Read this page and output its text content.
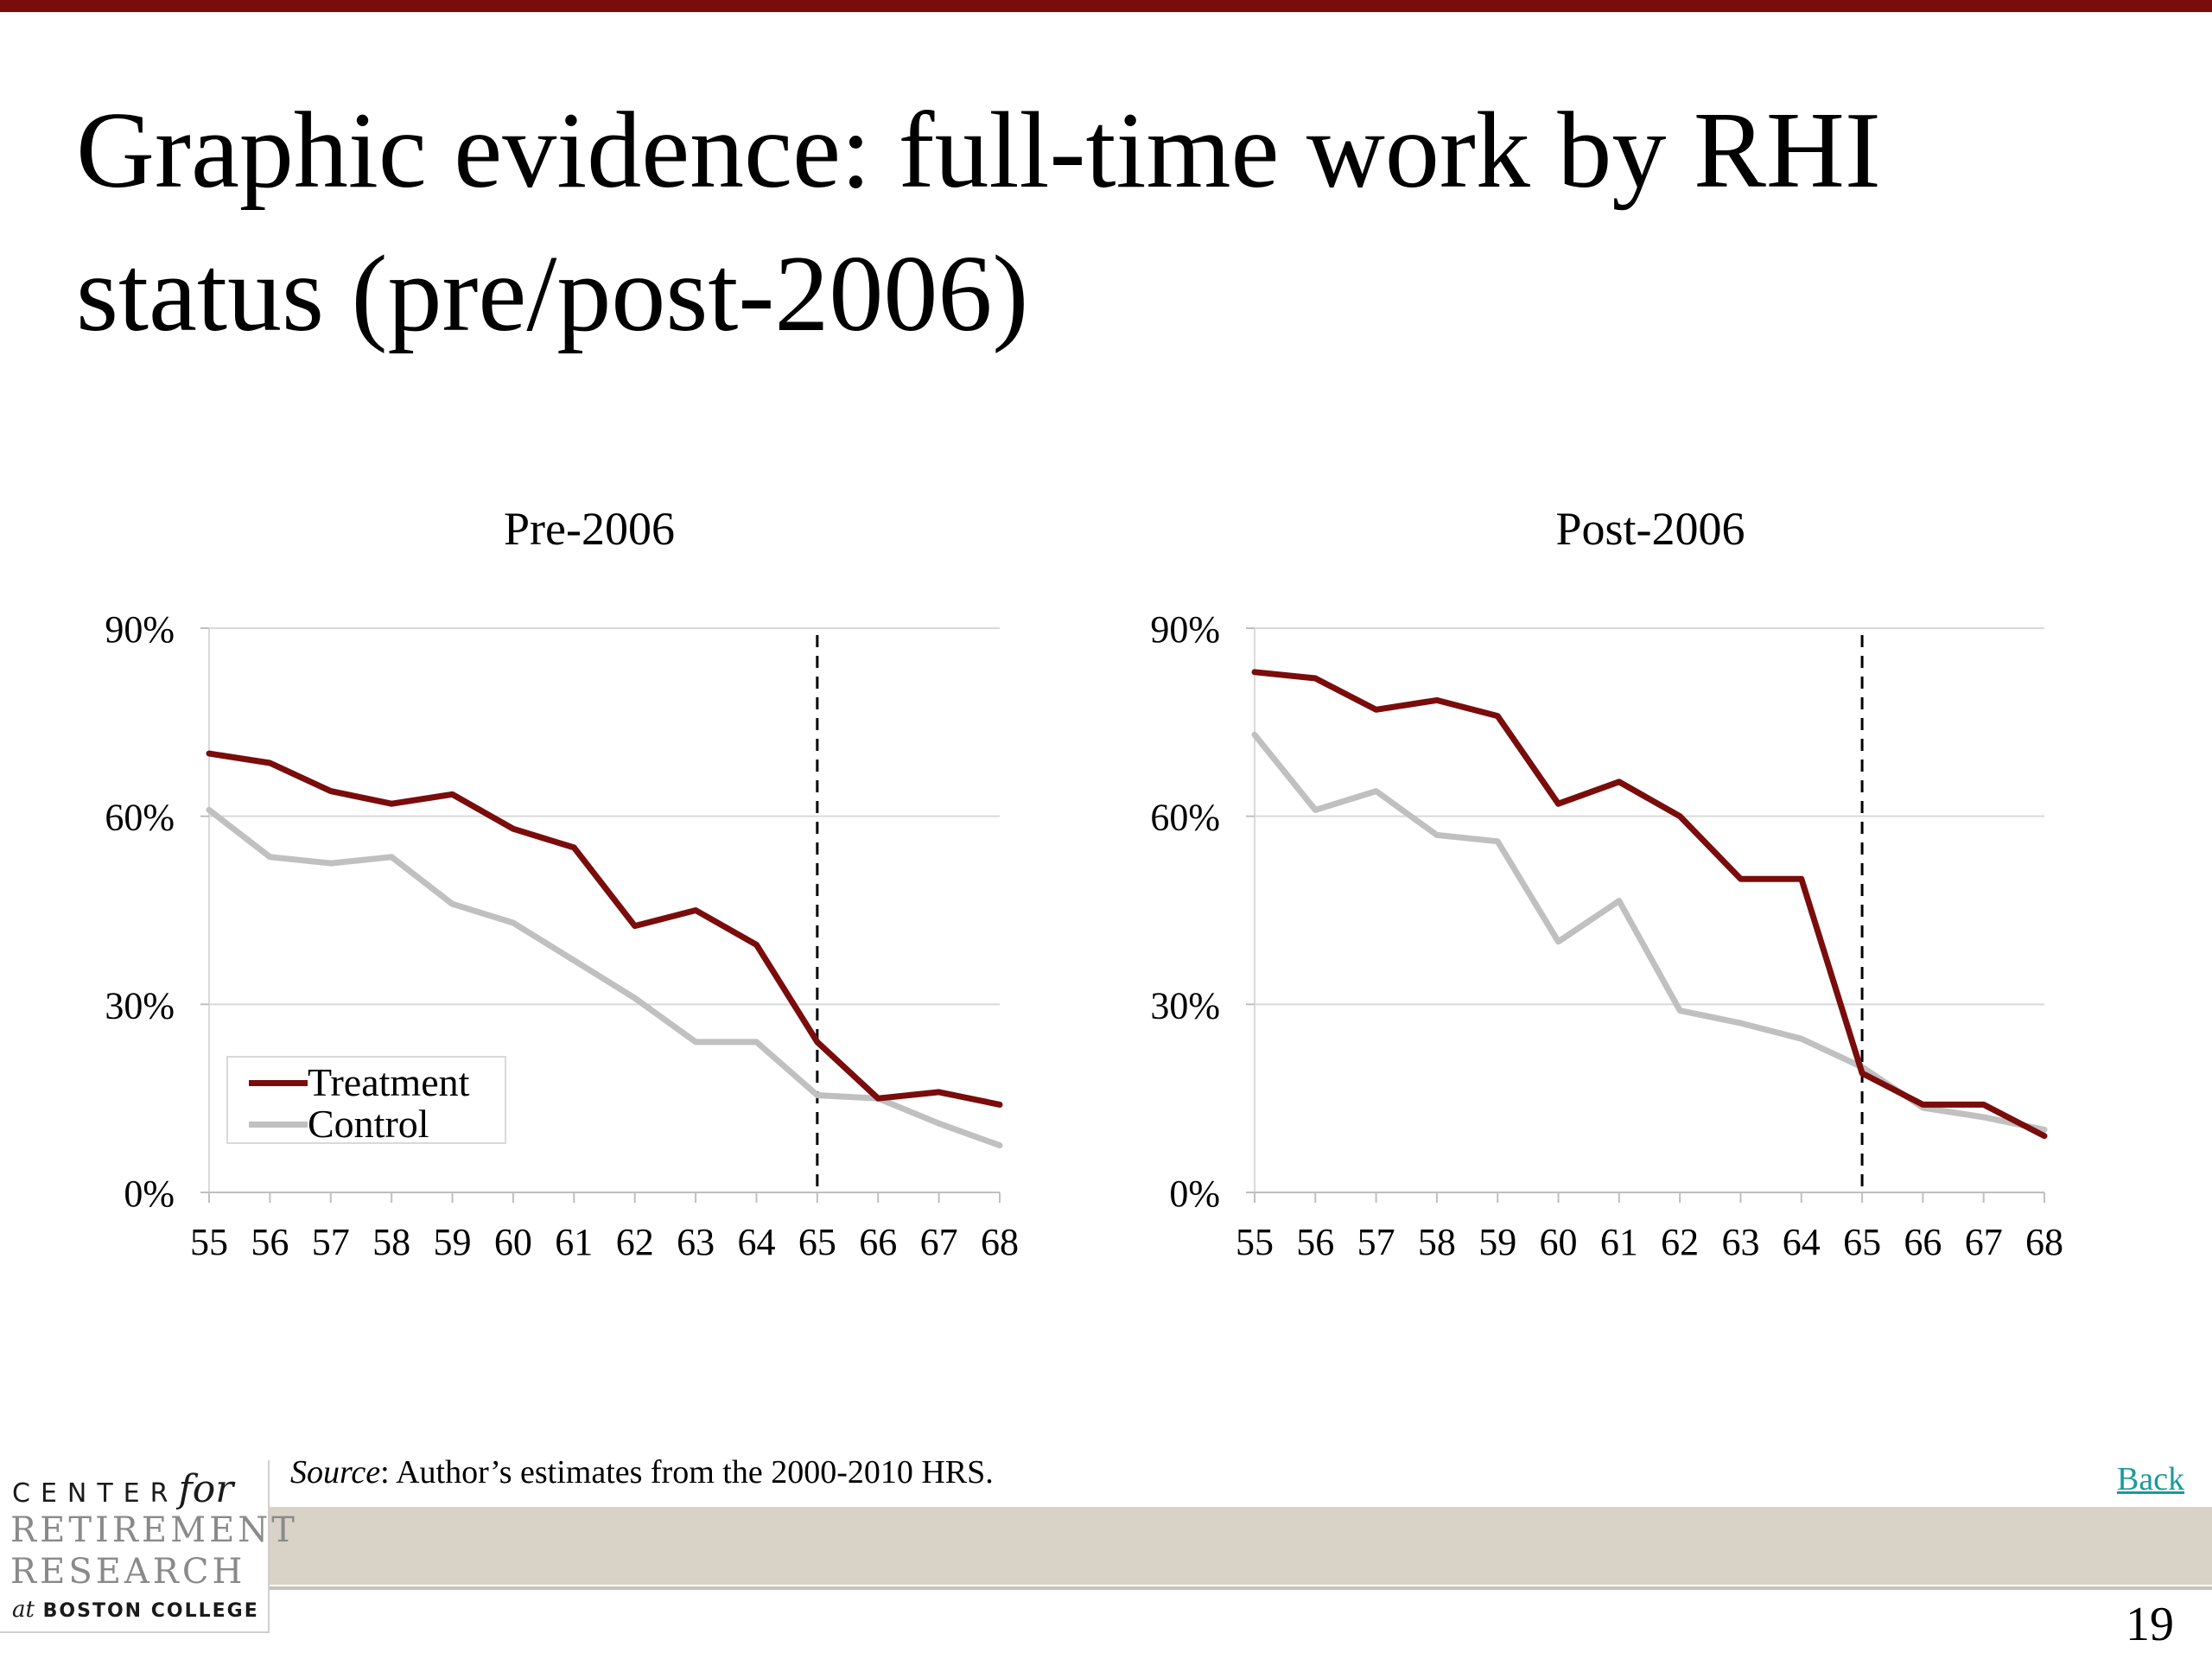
Graphic evidence: full-time work by RHI status (pre/post-2006)
Pre-2006	Post-2006
0%
30%
60%
90%
55 56 57 58 59 60 61 62 63 64 65 66 67 68
0%
30%
60%
90%
55 56 57 58 59 60 61 62 63 64 65 66 67 68
Treatment
Control
Source: Author’s estimates from the 2000-2010 HRS.
CENTERfor
RETIREMENT
RESEARCH
at BOSTON COLLEGE
Back
19
